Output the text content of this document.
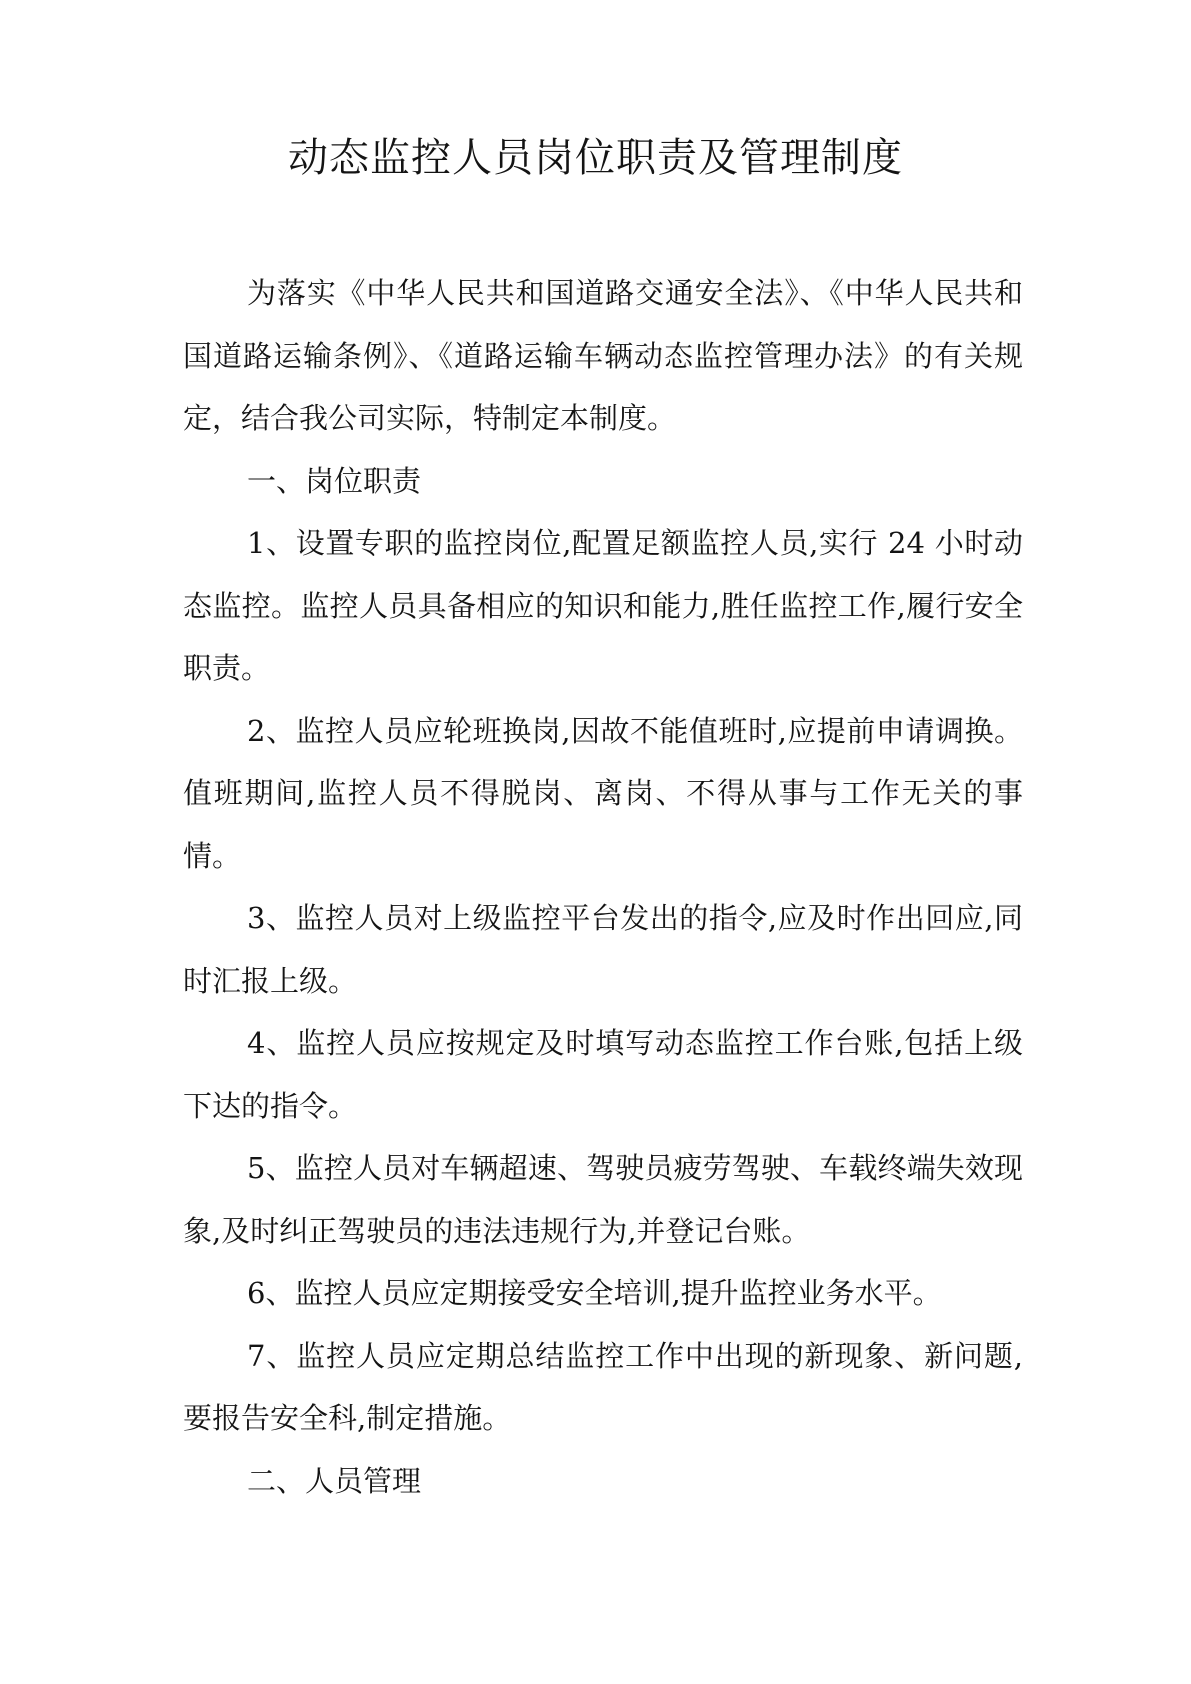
动态监控人员岗位职责及管理制度

为落实《中华人民共和国道路交通安全法》、《中华人民共和国道路运输条例》、《道路运输车辆动态监控管理办法》的有关规定，结合我公司实际，特制定本制度。

一、岗位职责

1、设置专职的监控岗位,配置足额监控人员,实行 24 小时动态监控。监控人员具备相应的知识和能力,胜任监控工作,履行安全职责。

2、监控人员应轮班换岗,因故不能值班时,应提前申请调换。值班期间,监控人员不得脱岗、离岗、不得从事与工作无关的事情。

3、监控人员对上级监控平台发出的指令,应及时作出回应,同时汇报上级。

4、监控人员应按规定及时填写动态监控工作台账,包括上级下达的指令。

5、监控人员对车辆超速、驾驶员疲劳驾驶、车载终端失效现象,及时纠正驾驶员的违法违规行为,并登记台账。

6、监控人员应定期接受安全培训,提升监控业务水平。

7、监控人员应定期总结监控工作中出现的新现象、新问题,要报告安全科,制定措施。

二、人员管理
